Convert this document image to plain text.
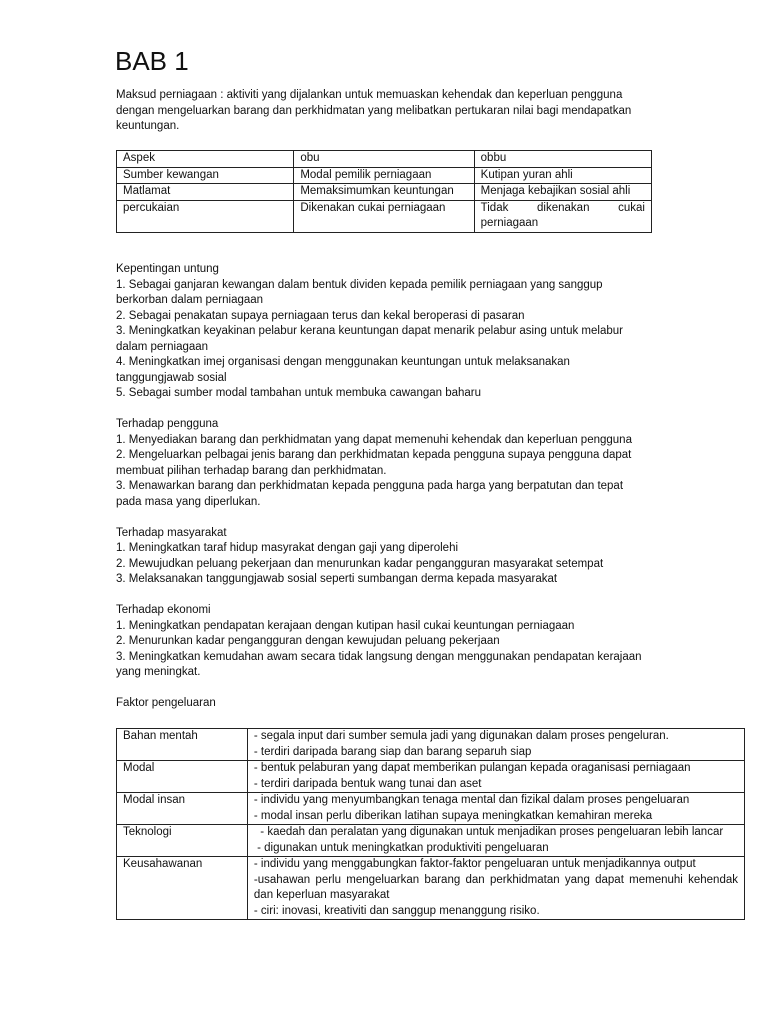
BAB 1

Maksud perniagaan : aktiviti yang dijalankan untuk memuaskan kehendak dan keperluan pengguna dengan mengeluarkan barang dan perkhidmatan yang melibatkan pertukaran nilai bagi mendapatkan keuntungan.

Aspek	obu	obbu
Sumber kewangan	Modal pemilik perniagaan	Kutipan yuran ahli
Matlamat	Memaksimumkan keuntungan	Menjaga kebajikan sosial ahli
percukaian	Dikenakan cukai perniagaan	Tidak dikenakan cukai perniagaan

Kepentingan untung

1. Sebagai ganjaran kewangan dalam bentuk dividen kepada pemilik perniagaan yang sanggup berkorban dalam perniagaan

2. Sebagai penakatan supaya perniagaan terus dan kekal beroperasi di pasaran

3. Meningkatkan keyakinan pelabur kerana keuntungan dapat menarik pelabur asing untuk melabur dalam perniagaan

4. Meningkatkan imej organisasi dengan menggunakan keuntungan untuk melaksanakan tanggungjawab sosial

5. Sebagai sumber modal tambahan untuk membuka cawangan baharu

Terhadap pengguna

1. Menyediakan barang dan perkhidmatan yang dapat memenuhi kehendak dan keperluan pengguna

2. Mengeluarkan pelbagai jenis barang dan perkhidmatan kepada pengguna supaya pengguna dapat membuat pilihan terhadap barang dan perkhidmatan.

3. Menawarkan barang dan perkhidmatan kepada pengguna pada harga yang berpatutan dan tepat pada masa yang diperlukan.

Terhadap masyarakat

1. Meningkatkan taraf hidup masyrakat dengan gaji yang diperolehi

2. Mewujudkan peluang pekerjaan dan menurunkan kadar pengangguran masyarakat setempat

3. Melaksanakan tanggungjawab sosial seperti sumbangan derma kepada masyarakat

Terhadap ekonomi

1. Meningkatkan pendapatan kerajaan dengan kutipan hasil cukai keuntungan perniagaan

2. Menurunkan kadar pengangguran dengan kewujudan peluang pekerjaan

3. Meningkatkan kemudahan awam secara tidak langsung dengan menggunakan pendapatan kerajaan yang meningkat.

Faktor pengeluaran

Bahan mentah	- segala input dari sumber semula jadi yang digunakan dalam proses pengeluran.
- terdiri daripada barang siap dan barang separuh siap

Modal	- bentuk pelaburan yang dapat memberikan pulangan kepada oraganisasi perniagaan
- terdiri daripada bentuk wang tunai dan aset

Modal insan	- individu yang menyumbangkan tenaga mental dan fizikal dalam proses pengeluaran
- modal insan perlu diberikan latihan supaya meningkatkan kemahiran mereka

Teknologi	- kaedah dan peralatan yang digunakan untuk menjadikan proses pengeluaran lebih lancar
- digunakan untuk meningkatkan produktiviti pengeluaran

Keusahawanan	- individu yang menggabungkan faktor-faktor pengeluaran untuk menjadikannya output
-usahawan perlu mengeluarkan barang dan perkhidmatan yang dapat memenuhi kehendak dan keperluan masyarakat
- ciri: inovasi, kreativiti dan sanggup menanggung risiko.
